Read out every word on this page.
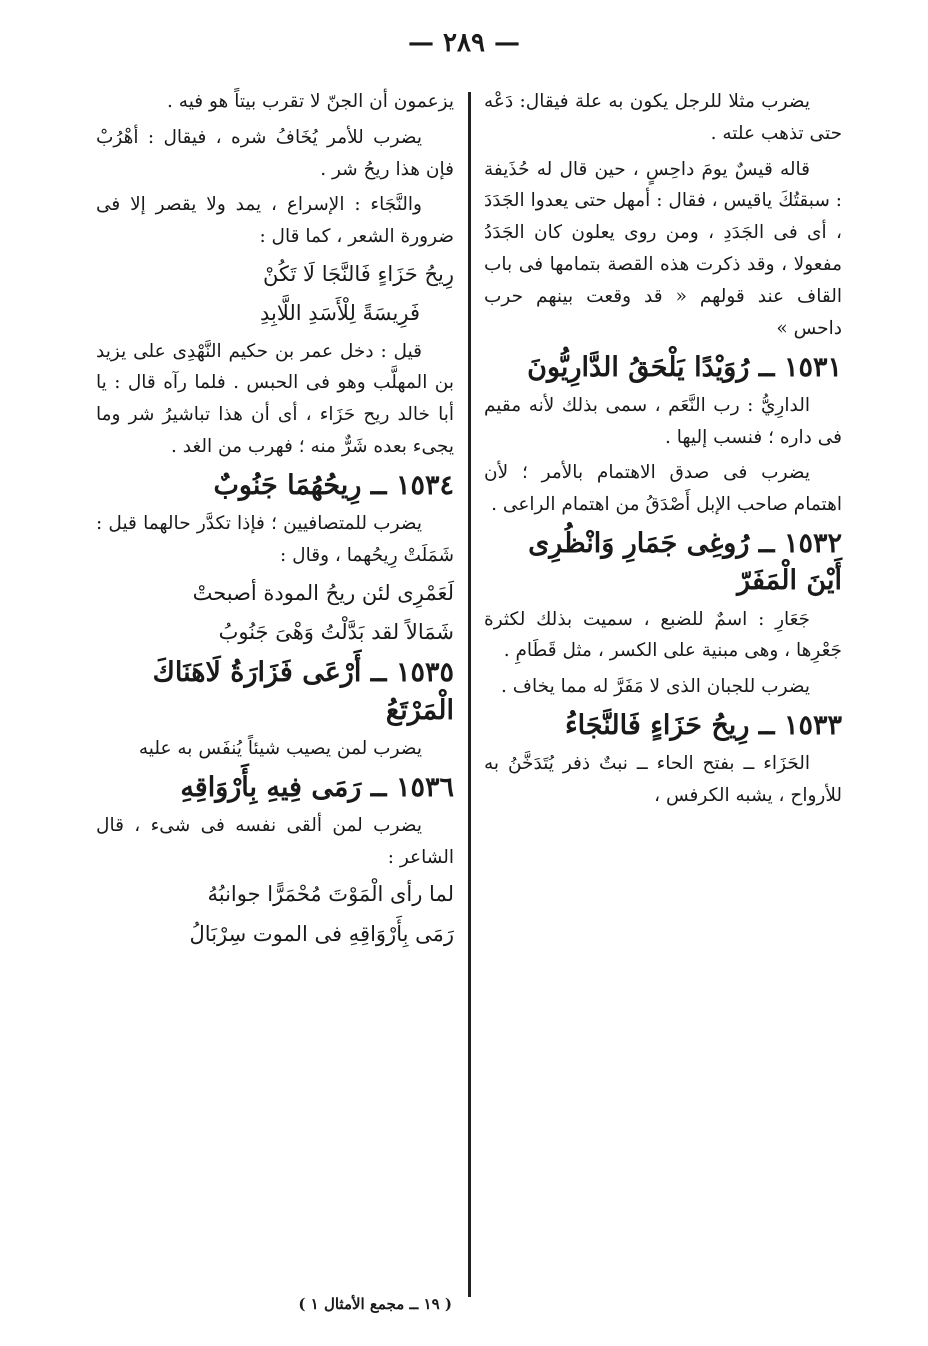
— ٢٨٩ —

يضرب مثلا للرجل يكون به علة فيقال: دَعْه حتى تذهب علته .

قاله قيسٌ يومَ داحِسٍ ، حين قال له حُذَيفة : سبقتُكَ ياقيس ، فقال : أمهل حتى يعدوا الجَدَدَ ، أى فى الجَدَدِ ، ومن روى يعلون كان الجَدَدُ مفعولا ، وقد ذكرت هذه القصة بتمامها فى باب القاف عند قولهم « قد وقعت بينهم حرب داحس »

١٥٣١ ــ رُوَيْدًا يَلْحَقُ الدَّارِيُّونَ

الدارِيُّ : رب النَّعَم ، سمى بذلك لأنه مقيم فى داره ؛ فنسب إليها .

يضرب فى صدق الاهتمام بالأمر ؛ لأن اهتمام صاحب الإبل أَصْدَقُ من اهتمام الراعى .

١٥٣٢ ــ رُوغِى جَمَارِ وَانْظُرِى أَيْنَ الْمَفَرّ

جَعَارِ : اسمٌ للضبع ، سميت بذلك لكثرة جَعْرِها ، وهى مبنية على الكسر ، مثل قَطَامِ .

يضرب للجبان الذى لا مَفَرَّ له مما يخاف .

١٥٣٣ ــ رِيحُ حَزَاءٍ فَالنَّجَاءُ

الحَزَاء ــ بفتح الحاء ــ نبتٌ ذفر يُتَدَخَّنُ به للأرواح ، يشبه الكرفس ،

يزعمون أن الجنّ لا تقرب بيتاً هو فيه .

يضرب للأمر يُخَافُ شره ، فيقال : أهْرُبْ فإن هذا ريحُ شر .

والنَّجَاء : الإسراع ، يمد ولا يقصر إلا فى ضرورة الشعر ، كما قال :

رِيحُ حَزَاءٍ فَالنَّجَا لَا تَكُنْ

فَرِيسَةً لِلْأَسَدِ اللَّابِدِ

قيل : دخل عمر بن حكيم النَّهْدِى على يزيد بن المهلَّب وهو فى الحبس . فلما رآه قال : يا أبا خالد ريح حَزَاء ، أى أن هذا تباشيرُ شر وما يجىء بعده شَرٌّ منه ؛ فهرب من الغد .

١٥٣٤ ــ رِيحُهُمَا جَنُوبٌ

يضرب للمتصافيين ؛ فإذا تكدَّر حالهما قيل : شَمَلَتْ رِيحُهما ، وقال :

لَعَمْرِى لئن ريحُ المودة أصبحتْ

شَمَالاً لقد بَدَّلْتُ وَهْىَ جَنُوبُ

١٥٣٥ ــ أَرْعَى فَزَارَةُ لَاهَنَاكَ الْمَرْتَعُ

يضرب لمن يصيب شيئاً يُنفَس به عليه

١٥٣٦ ــ رَمَى فِيهِ بِأَرْوَاقِهِ

يضرب لمن ألقى نفسه فى شىء ، قال الشاعر :

لما رأى الْمَوْتَ مُحْمَرًّا جوانبُهُ

رَمَى بِأَرْوَاقِهِ فى الموت سِرْبَالُ

( ١٩ ــ مجمع الأمثال ١ )
